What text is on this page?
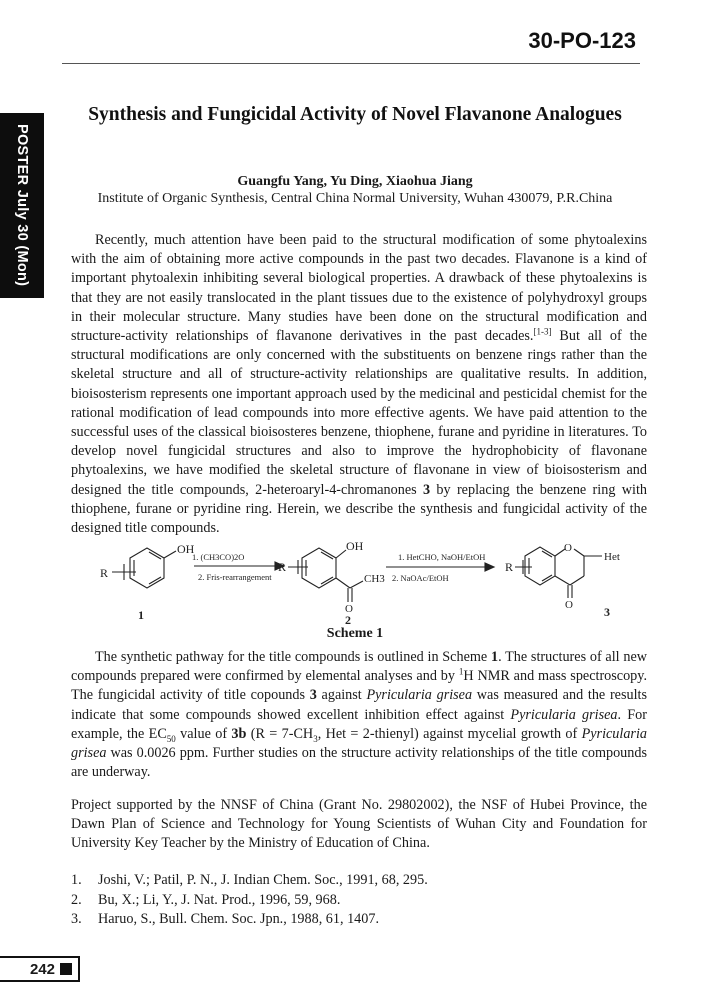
30-PO-123
POSTER July 30 (Mon)
Synthesis and Fungicidal Activity of Novel Flavanone Analogues
Guangfu Yang, Yu Ding, Xiaohua Jiang
Institute of Organic Synthesis, Central China Normal University, Wuhan 430079, P.R.China
Recently, much attention have been paid to the structural modification of some phytoalexins with the aim of obtaining more active compounds in the past two decades. Flavanone is a kind of important phytoalexin inhibiting several biological properties. A drawback of these phytoalexins is that they are not easily translocated in the plant tissues due to the existence of polyhydroxyl groups in their molecular structure. Many studies have been done on the structural modification and structure-activity relationships of flavanone derivatives in the past decades.[1-3] But all of the structural modifications are only concerned with the substituents on benzene rings rather than the skeletal structure and all of structure-activity relationships are qualitative results. In addition, bioisosterism represents one important approach used by the medicinal and pesticidal chemist for the rational modification of lead compounds into more effective agents. We have paid attention to the successful uses of the classical bioisosteres benzene, thiophene, furane and pyridine in literatures. To develop novel fungicidal structures and also to improve the hydrophobicity of flavonane phytoalexins, we have modified the skeletal structure of flavonane in view of bioisosterism and designed the title compounds, 2-heteroaryl-4-chromanones 3 by replacing the benzene ring with thiophene, furane or pyridine ring. Herein, we describe the synthesis and fungicidal activity of the designed title compounds.
OH
R
1
1. (CH3CO)2O
2. Fris-rearrangement
R
OH
O
CH3
2
1. HetCHO, NaOH/EtOH
2. NaOAc/EtOH
R
O
Het
O	3
Scheme 1
The synthetic pathway for the title compounds is outlined in Scheme 1. The structures of all new compounds prepared were confirmed by elemental analyses and by $^1$H NMR and mass spectroscopy. The fungicidal activity of title copounds 3 against Pyricularia grisea was measured and the results indicate that some compounds showed excellent inhibition effect against Pyricularia grisea. For example, the $EC_{50}$ value of 3b ($R = 7-CH_3$, Het = 2-thienyl) against mycelial growth of Pyricularia grisea was 0.0026 ppm. Further studies on the structure activity relationships of the title compounds are underway.
Project supported by the NNSF of China (Grant No. 29802002), the NSF of Hubei Province, the Dawn Plan of Science and Technology for Young Scientists of Wuhan City and Foundation for University Key Teacher by the Ministry of Education of China.
1.	Joshi, V.; Patil, P. N., J. Indian Chem. Soc., 1991, 68, 295.
2.	Bu, X.; Li, Y., J. Nat. Prod., 1996, 59, 968.
3.	Haruo, S., Bull. Chem. Soc. Jpn., 1988, 61, 1407.
242
